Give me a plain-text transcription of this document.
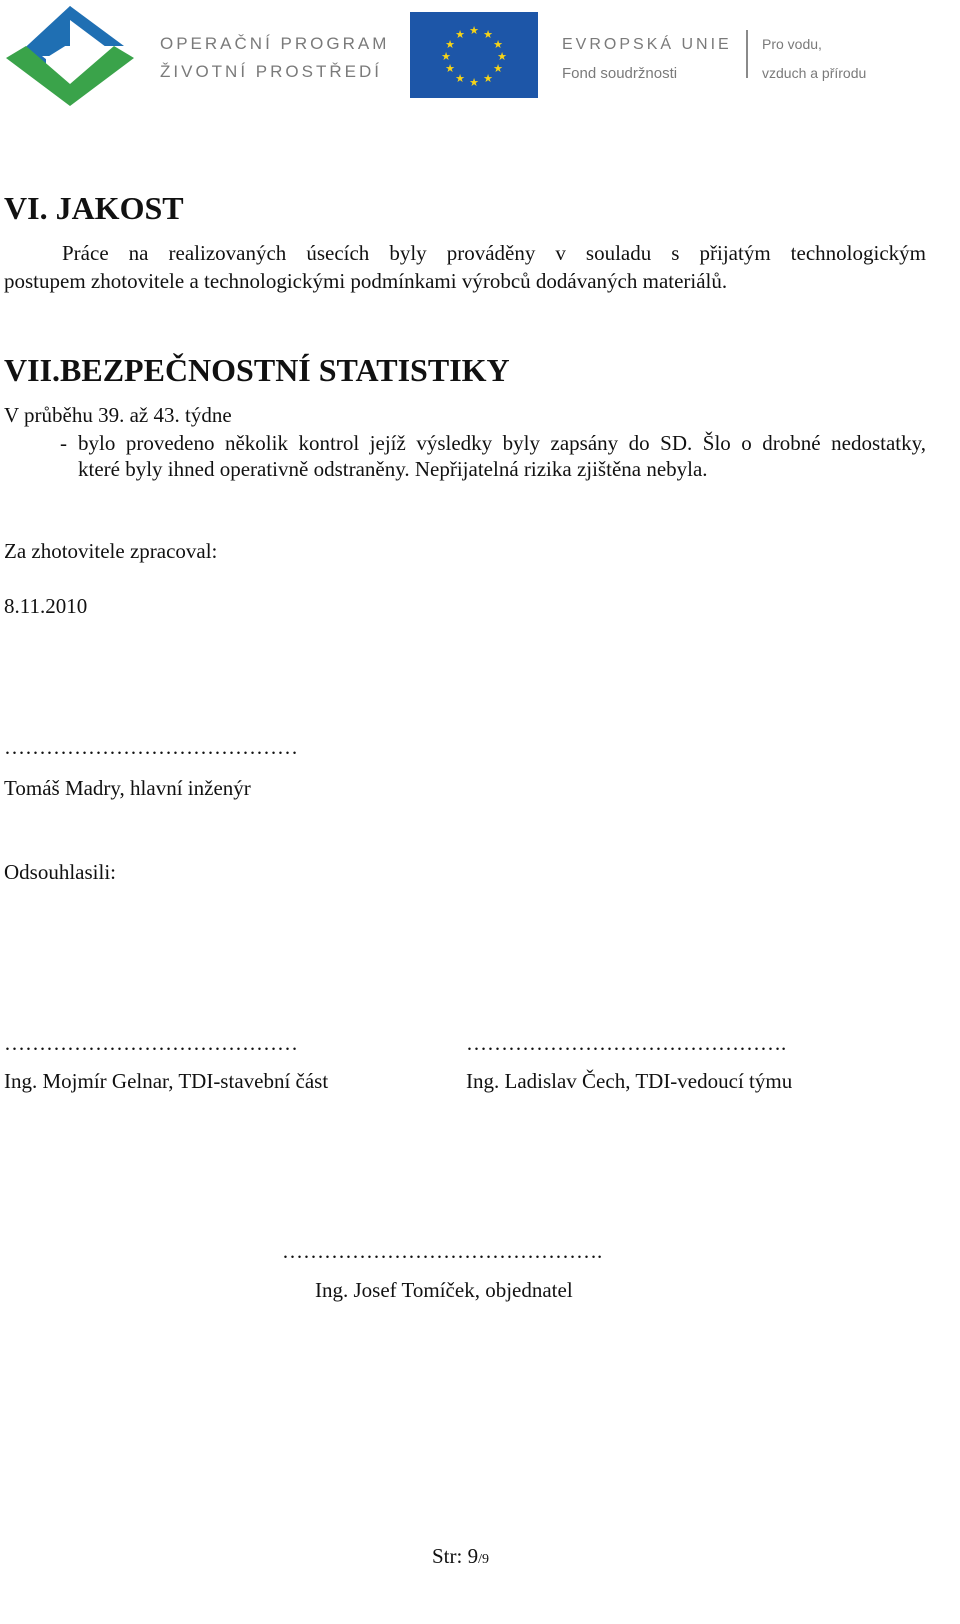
OPERAČNÍ PROGRAM
ŽIVOTNÍ PROSTŘEDÍ
★ ★
★
★
★
★
★
★
★
★
★
★
EVROPSKÁ UNIE
Fond soudržnosti
Pro vodu,
vzduch a přírodu
VI. JAKOST
Práce na realizovaných úsecích byly prováděny v souladu s přijatým technologickým
postupem zhotovitele a technologickými podmínkami výrobců dodávaných materiálů.
VII.BEZPEČNOSTNÍ STATISTIKY
V průběhu 39. až 43. týdne
- bylo provedeno několik kontrol jejíž výsledky byly zapsány do SD. Šlo o drobné nedostatky,
které byly ihned operativně odstraněny. Nepřijatelná rizika zjištěna nebyla.
Za zhotovitele zpracoval:
8.11.2010
……………………………………
Tomáš Madry, hlavní inženýr
Odsouhlasili:
……………………………………
Ing. Mojmír Gelnar, TDI-stavební část
……………………………………….
Ing. Ladislav Čech, TDI-vedoucí týmu
……………………………………….
Ing. Josef Tomíček, objednatel
Str: 9/9
